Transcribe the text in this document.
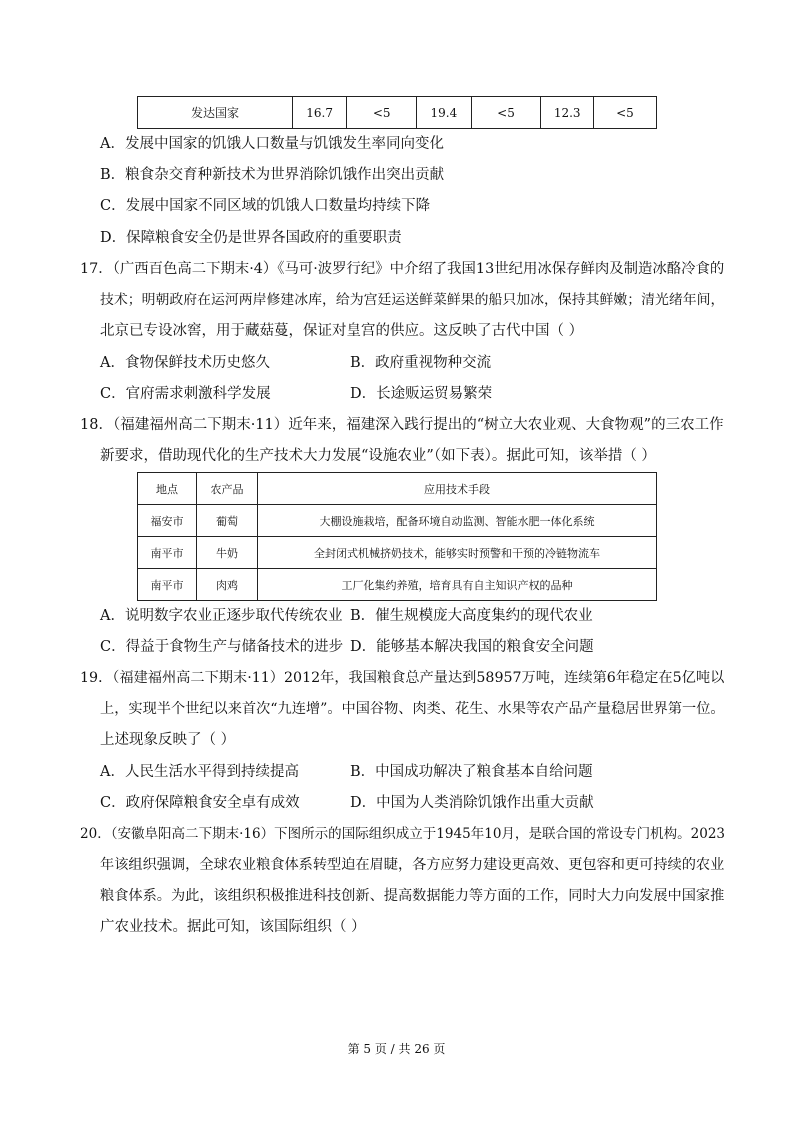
发达国家	16.7	<5	19.4	<5	12.3	<5
A．发展中国家的饥饿人口数量与饥饿发生率同向变化
B．粮食杂交育种新技术为世界消除饥饿作出突出贡献
C．发展中国家不同区域的饥饿人口数量均持续下降
D．保障粮食安全仍是世界各国政府的重要职责
17．（广西百色高二下期末·4）《马可·波罗行纪》中介绍了我国13世纪用冰保存鲜肉及制造冰酪冷食的
技术；明朝政府在运河两岸修建冰库，给为宫廷运送鲜菜鲜果的船只加冰，保持其鲜嫩；清光绪年间，
北京已专设冰窖，用于藏菇蔓，保证对皇宫的供应。这反映了古代中国（ ）
A．食物保鲜技术历史悠久	B．政府重视物种交流
C．官府需求刺激科学发展	D．长途贩运贸易繁荣
18．（福建福州高二下期末·11）近年来，福建深入践行提出的“树立大农业观、大食物观”的三农工作
新要求，借助现代化的生产技术大力发展“设施农业”（如下表）。据此可知，该举措（ ）
地点	农产品	应用技术手段
福安市	葡萄	大棚设施栽培，配备环境自动监测、智能水肥一体化系统
南平市	牛奶	全封闭式机械挤奶技术，能够实时预警和干预的冷链物流车
南平市	肉鸡	工厂化集约养殖，培育具有自主知识产权的品种
A．说明数字农业正逐步取代传统农业 B．催生规模庞大高度集约的现代农业
C．得益于食物生产与储备技术的进步 D．能够基本解决我国的粮食安全问题
19．（福建福州高二下期末·11）2012年，我国粮食总产量达到58957万吨，连续第6年稳定在5亿吨以
上，实现半个世纪以来首次“九连增”。中国谷物、肉类、花生、水果等农产品产量稳居世界第一位。
上述现象反映了（ ）
A．人民生活水平得到持续提高	B．中国成功解决了粮食基本自给问题
C．政府保障粮食安全卓有成效	D．中国为人类消除饥饿作出重大贡献
20．（安徽阜阳高二下期末·16）下图所示的国际组织成立于1945年10月，是联合国的常设专门机构。2023
年该组织强调，全球农业粮食体系转型迫在眉睫，各方应努力建设更高效、更包容和更可持续的农业
粮食体系。为此，该组织积极推进科技创新、提高数据能力等方面的工作，同时大力向发展中国家推
广农业技术。据此可知，该国际组织（ ）
第 5 页 / 共 26 页
